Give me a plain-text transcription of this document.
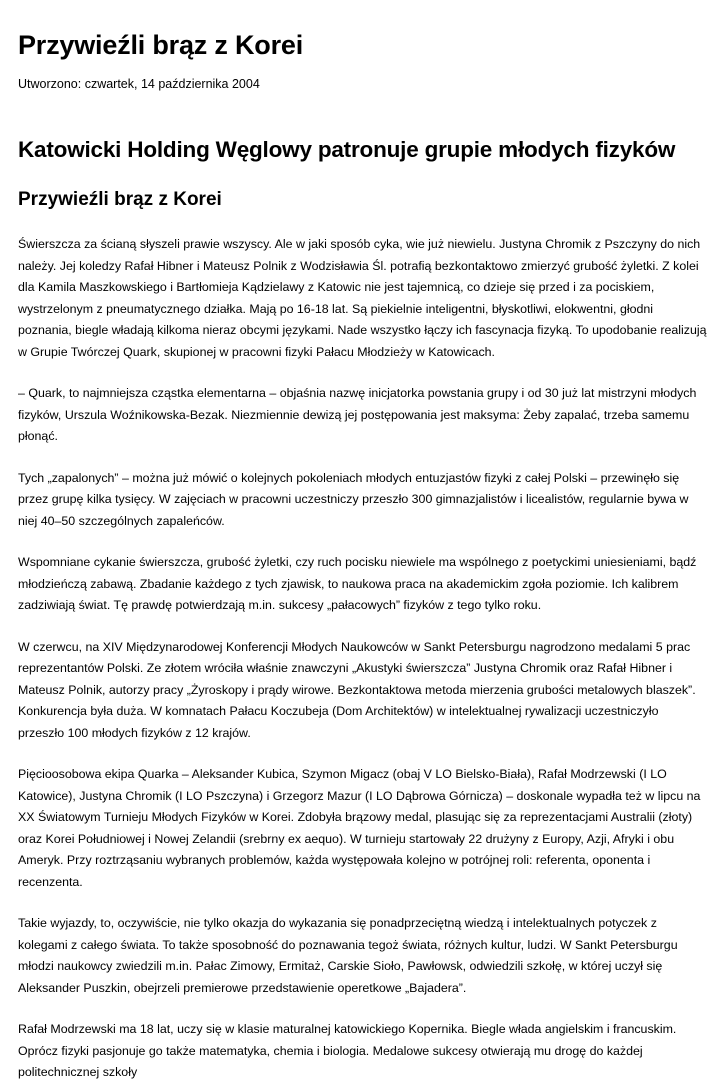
Przywieźli brąz z Korei

Utworzono: czwartek, 14 października 2004

Katowicki Holding Węglowy patronuje grupie młodych fizyków
Przywieźli brąz z Korei

Świerszcza za ścianą słyszeli prawie wszyscy. Ale w jaki sposób cyka, wie już niewielu. Justyna Chromik z Pszczyny do nich należy. Jej koledzy Rafał Hibner i Mateusz Polnik z Wodzisławia Śl. potrafią bezkontaktowo zmierzyć grubość żyletki. Z kolei dla Kamila Maszkowskiego i Bartłomieja Kądzielawy z Katowic nie jest tajemnicą, co dzieje się przed i za pociskiem, wystrzelonym z pneumatycznego działka. Mają po 16-18 lat. Są piekielnie inteligentni, błyskotliwi, elokwentni, głodni poznania, biegle władają kilkoma nieraz obcymi językami. Nade wszystko łączy ich fascynacja fizyką. To upodobanie realizują w Grupie Twórczej Quark, skupionej w pracowni fizyki Pałacu Młodzieży w Katowicach.

– Quark, to najmniejsza cząstka elementarna – objaśnia nazwę inicjatorka powstania grupy i od 30 już lat mistrzyni młodych fizyków, Urszula Woźnikowska-Bezak. Niezmiennie dewizą jej postępowania jest maksyma: Żeby zapalać, trzeba samemu płonąć.

Tych „zapalonych” – można już mówić o kolejnych pokoleniach młodych entuzjastów fizyki z całej Polski – przewinęło się przez grupę kilka tysięcy. W zajęciach w pracowni uczestniczy przeszło 300 gimnazjalistów i licealistów, regularnie bywa w niej 40–50 szczególnych zapaleńców.

Wspomniane cykanie świerszcza, grubość żyletki, czy ruch pocisku niewiele ma wspólnego z poetyckimi uniesieniami, bądź młodzieńczą zabawą. Zbadanie każdego z tych zjawisk, to naukowa praca na akademickim zgoła poziomie. Ich kalibrem zadziwiają świat. Tę prawdę potwierdzają m.in. sukcesy „pałacowych” fizyków z tego tylko roku.

W czerwcu, na XIV Międzynarodowej Konferencji Młodych Naukowców w Sankt Petersburgu nagrodzono medalami 5 prac reprezentantów Polski. Ze złotem wróciła właśnie znawczyni „Akustyki świerszcza” Justyna Chromik oraz Rafał Hibner i Mateusz Polnik, autorzy pracy „Żyroskopy i prądy wirowe. Bezkontaktowa metoda mierzenia grubości metalowych blaszek”. Konkurencja była duża. W komnatach Pałacu Koczubeja (Dom Architektów) w intelektualnej rywalizacji uczestniczyło przeszło 100 młodych fizyków z 12 krajów.

Pięcioosobowa ekipa Quarka – Aleksander Kubica, Szymon Migacz (obaj V LO Bielsko-Biała), Rafał Modrzewski (I LO Katowice), Justyna Chromik (I LO Pszczyna) i Grzegorz Mazur (I LO Dąbrowa Górnicza) – doskonale wypadła też w lipcu na XX Światowym Turnieju Młodych Fizyków w Korei. Zdobyła brązowy medal, plasując się za reprezentacjami Australii (złoty) oraz Korei Południowej i Nowej Zelandii (srebrny ex aequo). W turnieju startowały 22 drużyny z Europy, Azji, Afryki i obu Ameryk. Przy roztrząsaniu wybranych problemów, każda występowała kolejno w potrójnej roli: referenta, oponenta i recenzenta.

Takie wyjazdy, to, oczywiście, nie tylko okazja do wykazania się ponadprzeciętną wiedzą i intelektualnych potyczek z kolegami z całego świata. To także sposobność do poznawania tegoż świata, różnych kultur, ludzi. W Sankt Petersburgu młodzi naukowcy zwiedzili m.in. Pałac Zimowy, Ermitaż, Carskie Sioło, Pawłowsk, odwiedzili szkołę, w której uczył się Aleksander Puszkin, obejrzeli premierowe przedstawienie operetkowe „Bajadera”.

Rafał Modrzewski ma 18 lat, uczy się w klasie maturalnej katowickiego Kopernika. Biegle włada angielskim i francuskim. Oprócz fizyki pasjonuje go także matematyka, chemia i biologia. Medalowe sukcesy otwierają mu drogę do każdej politechnicznej szkoły
